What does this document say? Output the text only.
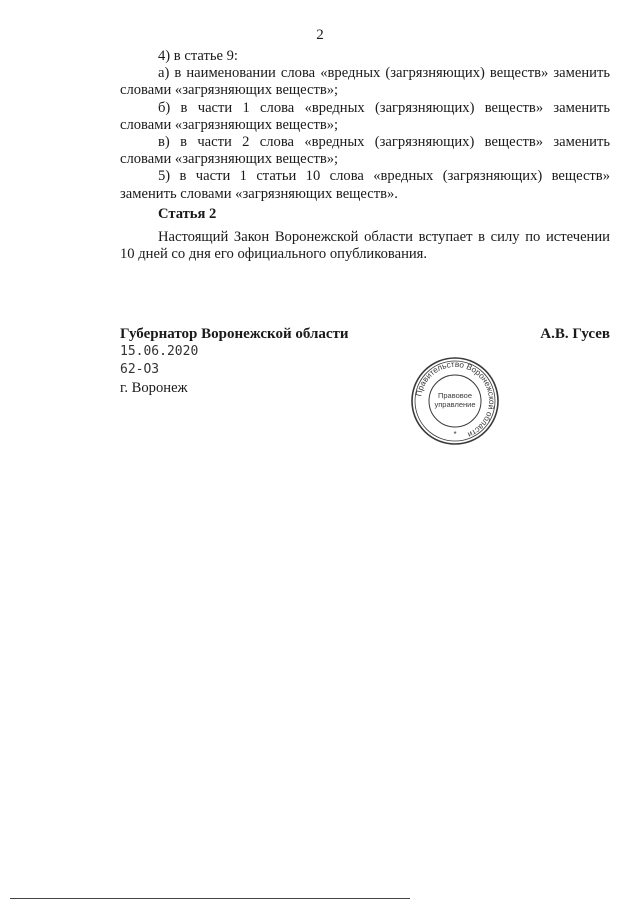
2

4) в статье 9:

а) в наименовании слова «вредных (загрязняющих) веществ» заменить словами «загрязняющих веществ»;

б) в части 1 слова «вредных (загрязняющих) веществ» заменить словами «загрязняющих веществ»;

в) в части 2 слова «вредных (загрязняющих) веществ» заменить словами «загрязняющих веществ»;

5) в части 1 статьи 10 слова «вредных (загрязняющих) веществ» заменить словами «загрязняющих веществ».

Статья 2

Настоящий Закон Воронежской области вступает в силу по истечении 10 дней со дня его официального опубликования.

Губернатор Воронежской области	А.В. Гусев
15.06.2020
62-ОЗ
г. Воронеж	Правительство Воронежской области
Правовое
управление
*
